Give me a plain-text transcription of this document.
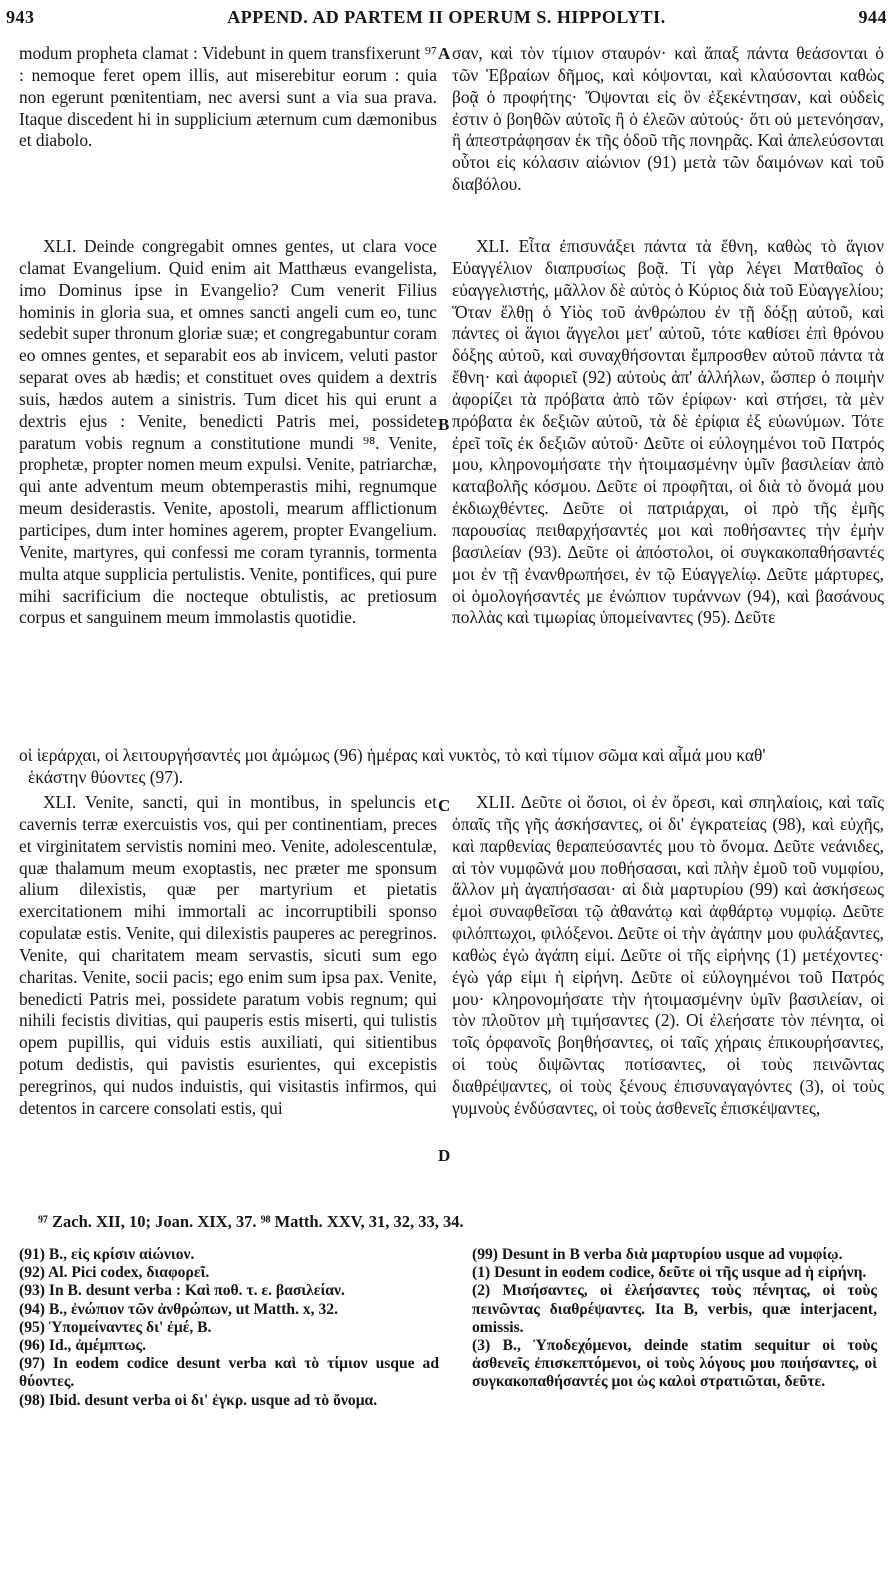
943	APPEND. AD PARTEM II OPERUM S. HIPPOLYTI.	944

modum propheta clamat : Videbunt in quem transfixerunt ⁹⁷ : nemoque feret opem illis, aut miserebitur eorum : quia non egerunt pœnitentiam, nec aversi sunt a via sua prava. Itaque discedent hi in supplicium æternum cum dæmonibus et diabolo.

σαν, καὶ τὸν τίμιον σταυρόν· καὶ ἅπαξ πάντα θεάσονται ὁ τῶν Ἑβραίων δῆμος, καὶ κόψονται, καὶ κλαύσονται καθὼς βοᾷ ὁ προφήτης· Ὄψονται εἰς ὃν ἐξεκέντησαν, καὶ οὐδεὶς ἐστιν ὁ βοηθῶν αὐτοῖς ἢ ὁ ἐλεῶν αὐτούς· ὅτι οὐ μετενόησαν, ἢ ἀπεστράφησαν ἐκ τῆς ὁδοῦ τῆς πονηρᾶς. Καὶ ἀπελεύσονται οὗτοι εἰς κόλασιν αἰώνιον (91) μετὰ τῶν δαιμόνων καὶ τοῦ διαβόλου.

XLI. Deinde congregabit omnes gentes, ut clara voce clamat Evangelium. Quid enim ait Matthæus evangelista, imo Dominus ipse in Evangelio? Cum venerit Filius hominis in gloria sua, et omnes sancti angeli cum eo, tunc sedebit super thronum gloriæ suæ; et congregabuntur coram eo omnes gentes, et separabit eos ab invicem, veluti pastor separat oves ab hædis; et constituet oves quidem a dextris suis, hædos autem a sinistris. Tum dicet his qui erunt a dextris ejus : Venite, benedicti Patris mei, possidete paratum vobis regnum a constitutione mundi ⁹⁸. Venite, prophetæ, propter nomen meum expulsi. Venite, patriarchæ, qui ante adventum meum obtemperastis mihi, regnumque meum desiderastis. Venite, apostoli, mearum afflictionum participes, dum inter homines agerem, propter Evangelium. Venite, martyres, qui confessi me coram tyrannis, tormenta multa atque supplicia pertulistis. Venite, pontifices, qui pure mihi sacrificium die nocteque obtulistis, ac pretiosum corpus et sanguinem meum immolastis quotidie.

XLI. Εἶτα ἐπισυνάξει πάντα τὰ ἔθνη, καθὼς τὸ ἅγιον Εὐαγγέλιον διαπρυσίως βοᾷ. Τί γὰρ λέγει Ματθαῖος ὁ εὐαγγελιστής, μᾶλλον δὲ αὐτὸς ὁ Κύριος διὰ τοῦ Εὐαγγελίου; Ὅταν ἔλθῃ ὁ Υἱὸς τοῦ ἀνθρώπου ἐν τῇ δόξῃ αὐτοῦ, καὶ πάντες οἱ ἅγιοι ἄγγελοι μετ' αὐτοῦ, τότε καθίσει ἐπὶ θρόνου δόξης αὐτοῦ, καὶ συναχθήσονται ἔμπροσθεν αὐτοῦ πάντα τὰ ἔθνη· καὶ ἀφοριεῖ (92) αὐτοὺς ἀπ' ἀλλήλων, ὥσπερ ὁ ποιμὴν ἀφορίζει τὰ πρόβατα ἀπὸ τῶν ἐρίφων· καὶ στήσει, τὰ μὲν πρόβατα ἐκ δεξιῶν αὐτοῦ, τὰ δὲ ἐρίφια ἐξ εὐωνύμων. Τότε ἐρεῖ τοῖς ἐκ δεξιῶν αὐτοῦ· Δεῦτε οἱ εὐλογημένοι τοῦ Πατρός μου, κληρονομήσατε τὴν ἡτοιμασμένην ὑμῖν βασιλείαν ἀπὸ καταβολῆς κόσμου. Δεῦτε οἱ προφῆται, οἱ διὰ τὸ ὄνομά μου ἐκδιωχθέντες. Δεῦτε οἱ πατριάρχαι, οἱ πρὸ τῆς ἐμῆς παρουσίας πειθαρχήσαντές μοι καὶ ποθήσαντες τὴν ἐμὴν βασιλείαν (93). Δεῦτε οἱ ἀπόστολοι, οἱ συγκακοπαθήσαντές μοι ἐν τῇ ἐνανθρωπήσει, ἐν τῷ Εὐαγγελίῳ. Δεῦτε μάρτυρες, οἱ ὁμολογήσαντές με ἐνώπιον τυράννων (94), καὶ βασάνους πολλὰς καὶ τιμωρίας ὑπομείναντες (95). Δεῦτε

οἱ ἱεράρχαι, οἱ λειτουργήσαντές μοι ἀμώμως (96) ἡμέρας καὶ νυκτὸς, τὸ καὶ τίμιον σῶμα καὶ αἷμά μου καθ'
ἑκάστην θύοντες (97).

XLI. Venite, sancti, qui in montibus, in speluncis et cavernis terræ exercuistis vos, qui per continentiam, preces et virginitatem servistis nomini meo. Venite, adolescentulæ, quæ thalamum meum exoptastis, nec præter me sponsum alium dilexistis, quæ per martyrium et pietatis exercitationem mihi immortali ac incorruptibili sponso copulatæ estis. Venite, qui dilexistis pauperes ac peregrinos. Venite, qui charitatem meam servastis, sicuti sum ego charitas. Venite, socii pacis; ego enim sum ipsa pax. Venite, benedicti Patris mei, possidete paratum vobis regnum; qui nihili fecistis divitias, qui pauperis estis miserti, qui tulistis opem pupillis, qui viduis estis auxiliati, qui sitientibus potum dedistis, qui pavistis esurientes, qui excepistis peregrinos, qui nudos induistis, qui visitastis infirmos, qui detentos in carcere consolati estis, qui

XLII. Δεῦτε οἱ ὅσιοι, οἱ ἐν ὄρεσι, καὶ σπηλαίοις, καὶ ταῖς ὀπαῖς τῆς γῆς ἀσκήσαντες, οἱ δι' ἐγκρατείας (98), καὶ εὐχῆς, καὶ παρθενίας θεραπεύσαντές μου τὸ ὄνομα. Δεῦτε νεάνιδες, αἱ τὸν νυμφῶνά μου ποθήσασαι, καὶ πλὴν ἐμοῦ τοῦ νυμφίου, ἄλλον μὴ ἀγαπήσασαι· αἱ διὰ μαρτυρίου (99) καὶ ἀσκήσεως ἐμοὶ συναφθεῖσαι τῷ ἀθανάτῳ καὶ ἀφθάρτῳ νυμφίῳ. Δεῦτε φιλόπτωχοι, φιλόξενοι. Δεῦτε οἱ τὴν ἀγάπην μου φυλάξαντες, καθὼς ἐγὼ ἀγάπη εἰμί. Δεῦτε οἱ τῆς εἰρήνης (1) μετέχοντες· ἐγὼ γάρ εἰμι ἡ εἰρήνη. Δεῦτε οἱ εὐλογημένοι τοῦ Πατρός μου· κληρονομήσατε τὴν ἡτοιμασμένην ὑμῖν βασιλείαν, οἱ τὸν πλοῦτον μὴ τιμήσαντες (2). Οἱ ἐλεήσατε τὸν πένητα, οἱ τοῖς ὀρφανοῖς βοηθήσαντες, οἱ ταῖς χήραις ἐπικουρήσαντες, οἱ τοὺς διψῶντας ποτίσαντες, οἱ τοὺς πεινῶντας διαθρέψαντες, οἱ τοὺς ξένους ἐπισυναγαγόντες (3), οἱ τοὺς γυμνοὺς ἐνδύσαντες, οἱ τοὺς ἀσθενεῖς ἐπισκέψαντες,

A
B
C
D
⁹⁷ Zach. XII, 10; Joan. XIX, 37. ⁹⁸ Matth. XXV, 31, 32, 33, 34.

(91) B., εἰς κρίσιν αἰώνιον.

(92) Al. Pici codex, διαφορεῖ.

(93) In B. desunt verba : Καὶ ποθ. τ. ε. βασιλείαν.

(94) B., ἐνώπιον τῶν ἀνθρώπων, ut Matth. x, 32.

(95) Ὑπομείναντες δι' ἐμέ, B.

(96) Id., ἀμέμπτως.

(97) In eodem codice desunt verba καὶ τὸ τίμιον usque ad θύοντες.

(98) Ibid. desunt verba οἱ δι' ἐγκρ. usque ad τὸ ὄνομα.

(99) Desunt in B verba διὰ μαρτυρίου usque ad νυμφίῳ.

(1) Desunt in eodem codice, δεῦτε οἱ τῆς usque ad ἡ εἰρήνη.

(2) Μισήσαντες, οἱ ἐλεήσαντες τοὺς πένητας, οἱ τοὺς πεινῶντας διαθρέψαντες. Ita B, verbis, quæ interjacent, omissis.

(3) B., Ὑποδεχόμενοι, deinde statim sequitur οἱ τοὺς ἀσθενεῖς ἐπισκεπτόμενοι, οἱ τοὺς λόγους μου ποιήσαντες, οἱ συγκακοπαθήσαντές μοι ὡς καλοὶ στρατιῶται, δεῦτε.
